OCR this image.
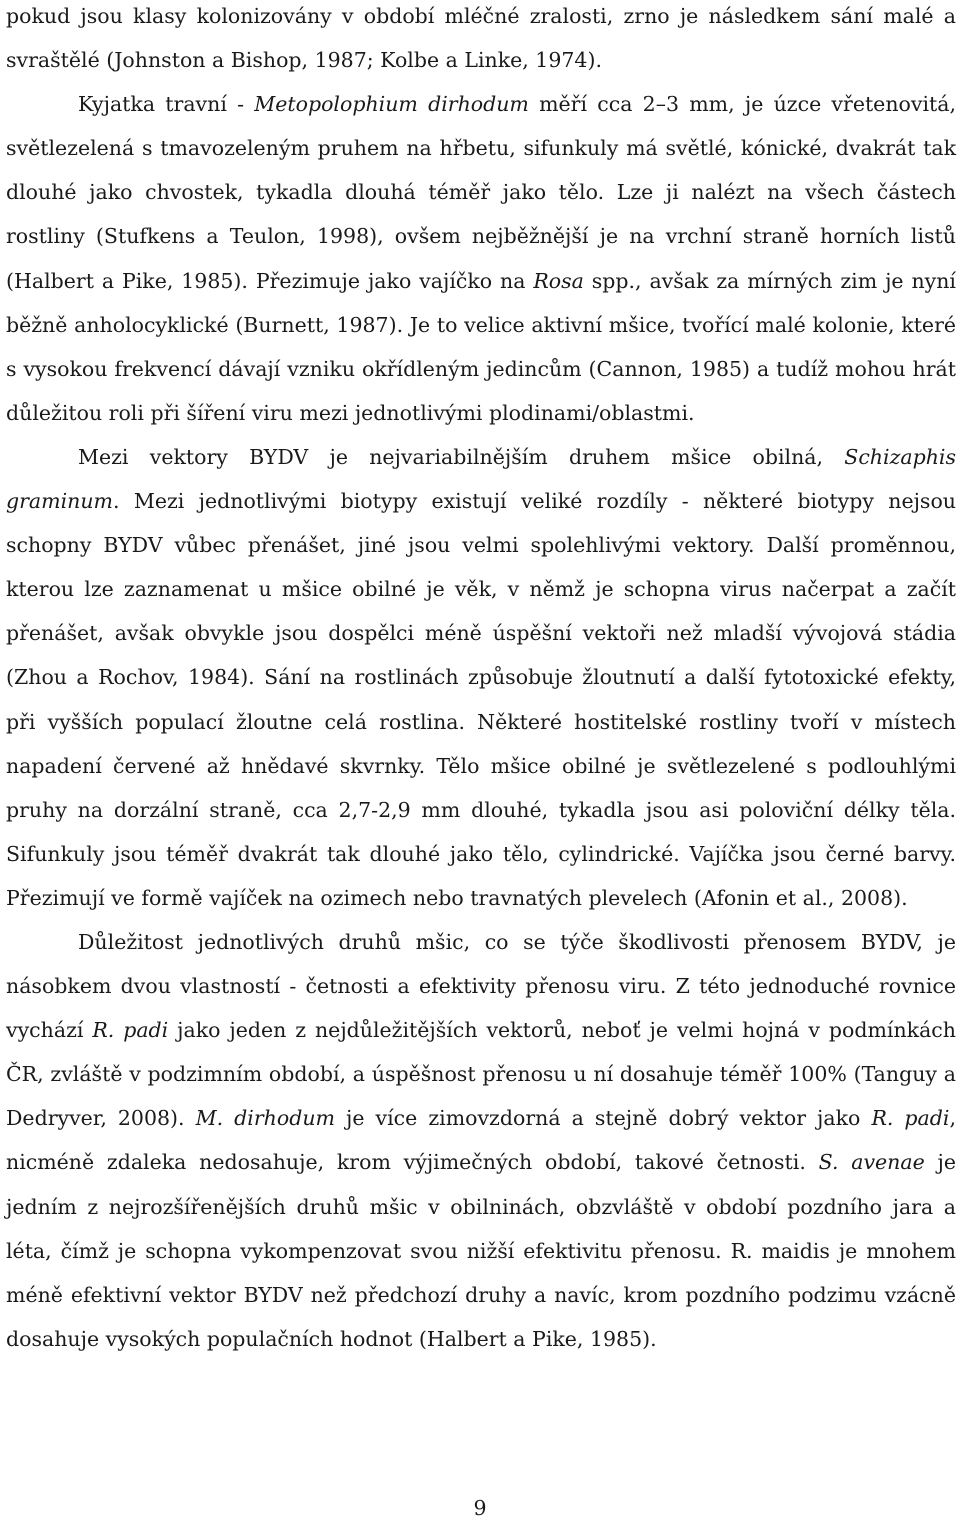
pokud jsou klasy kolonizovány v období mléčné zralosti, zrno je následkem sání malé a svraštělé (Johnston a Bishop, 1987; Kolbe a Linke, 1974).

Kyjatka travní - Metopolophium dirhodum měří cca 2–3 mm, je úzce vřetenovitá, světlezelená s tmavozeleným pruhem na hřbetu, sifunkuly má světlé, kónické, dvakrát tak dlouhé jako chvostek, tykadla dlouhá téměř jako tělo. Lze ji nalézt na všech částech rostliny (Stufkens a Teulon, 1998), ovšem nejběžnější je na vrchní straně horních listů (Halbert a Pike, 1985). Přezimuje jako vajíčko na Rosa spp., avšak za mírných zim je nyní běžně anholocyklické (Burnett, 1987). Je to velice aktivní mšice, tvořící malé kolonie, které s vysokou frekvencí dávají vzniku okřídleným jedincům (Cannon, 1985) a tudíž mohou hrát důležitou roli při šíření viru mezi jednotlivými plodinami/oblastmi.

Mezi vektory BYDV je nejvariabilnějším druhem mšice obilná, Schizaphis graminum. Mezi jednotlivými biotypy existují veliké rozdíly - některé biotypy nejsou schopny BYDV vůbec přenášet, jiné jsou velmi spolehlivými vektory. Další proměnnou, kterou lze zaznamenat u mšice obilné je věk, v němž je schopna virus načerpat a začít přenášet, avšak obvykle jsou dospělci méně úspěšní vektoři než mladší vývojová stádia (Zhou a Rochov, 1984). Sání na rostlinách způsobuje žloutnutí a další fytotoxické efekty, při vyšších populací žloutne celá rostlina. Některé hostitelské rostliny tvoří v místech napadení červené až hnědavé skvrnky. Tělo mšice obilné je světlezelené s podlouhlými pruhy na dorzální straně, cca 2,7-2,9 mm dlouhé, tykadla jsou asi poloviční délky těla. Sifunkuly jsou téměř dvakrát tak dlouhé jako tělo, cylindrické. Vajíčka jsou černé barvy. Přezimují ve formě vajíček na ozimech nebo travnatých plevelech (Afonin et al., 2008).

Důležitost jednotlivých druhů mšic, co se týče škodlivosti přenosem BYDV, je násobkem dvou vlastností - četnosti a efektivity přenosu viru. Z této jednoduché rovnice vychází R. padi jako jeden z nejdůležitějších vektorů, neboť je velmi hojná v podmínkách ČR, zvláště v podzimním období, a úspěšnost přenosu u ní dosahuje téměř 100% (Tanguy a Dedryver, 2008). M. dirhodum je více zimovzdorná a stejně dobrý vektor jako R. padi, nicméně zdaleka nedosahuje, krom výjimečných období, takové četnosti. S. avenae je jedním z nejrozšířenějších druhů mšic v obilninách, obzvláště v období pozdního jara a léta, čímž je schopna vykompenzovat svou nižší efektivitu přenosu. R. maidis je mnohem méně efektivní vektor BYDV než předchozí druhy a navíc, krom pozdního podzimu vzácně dosahuje vysokých populačních hodnot (Halbert a Pike, 1985).

9
